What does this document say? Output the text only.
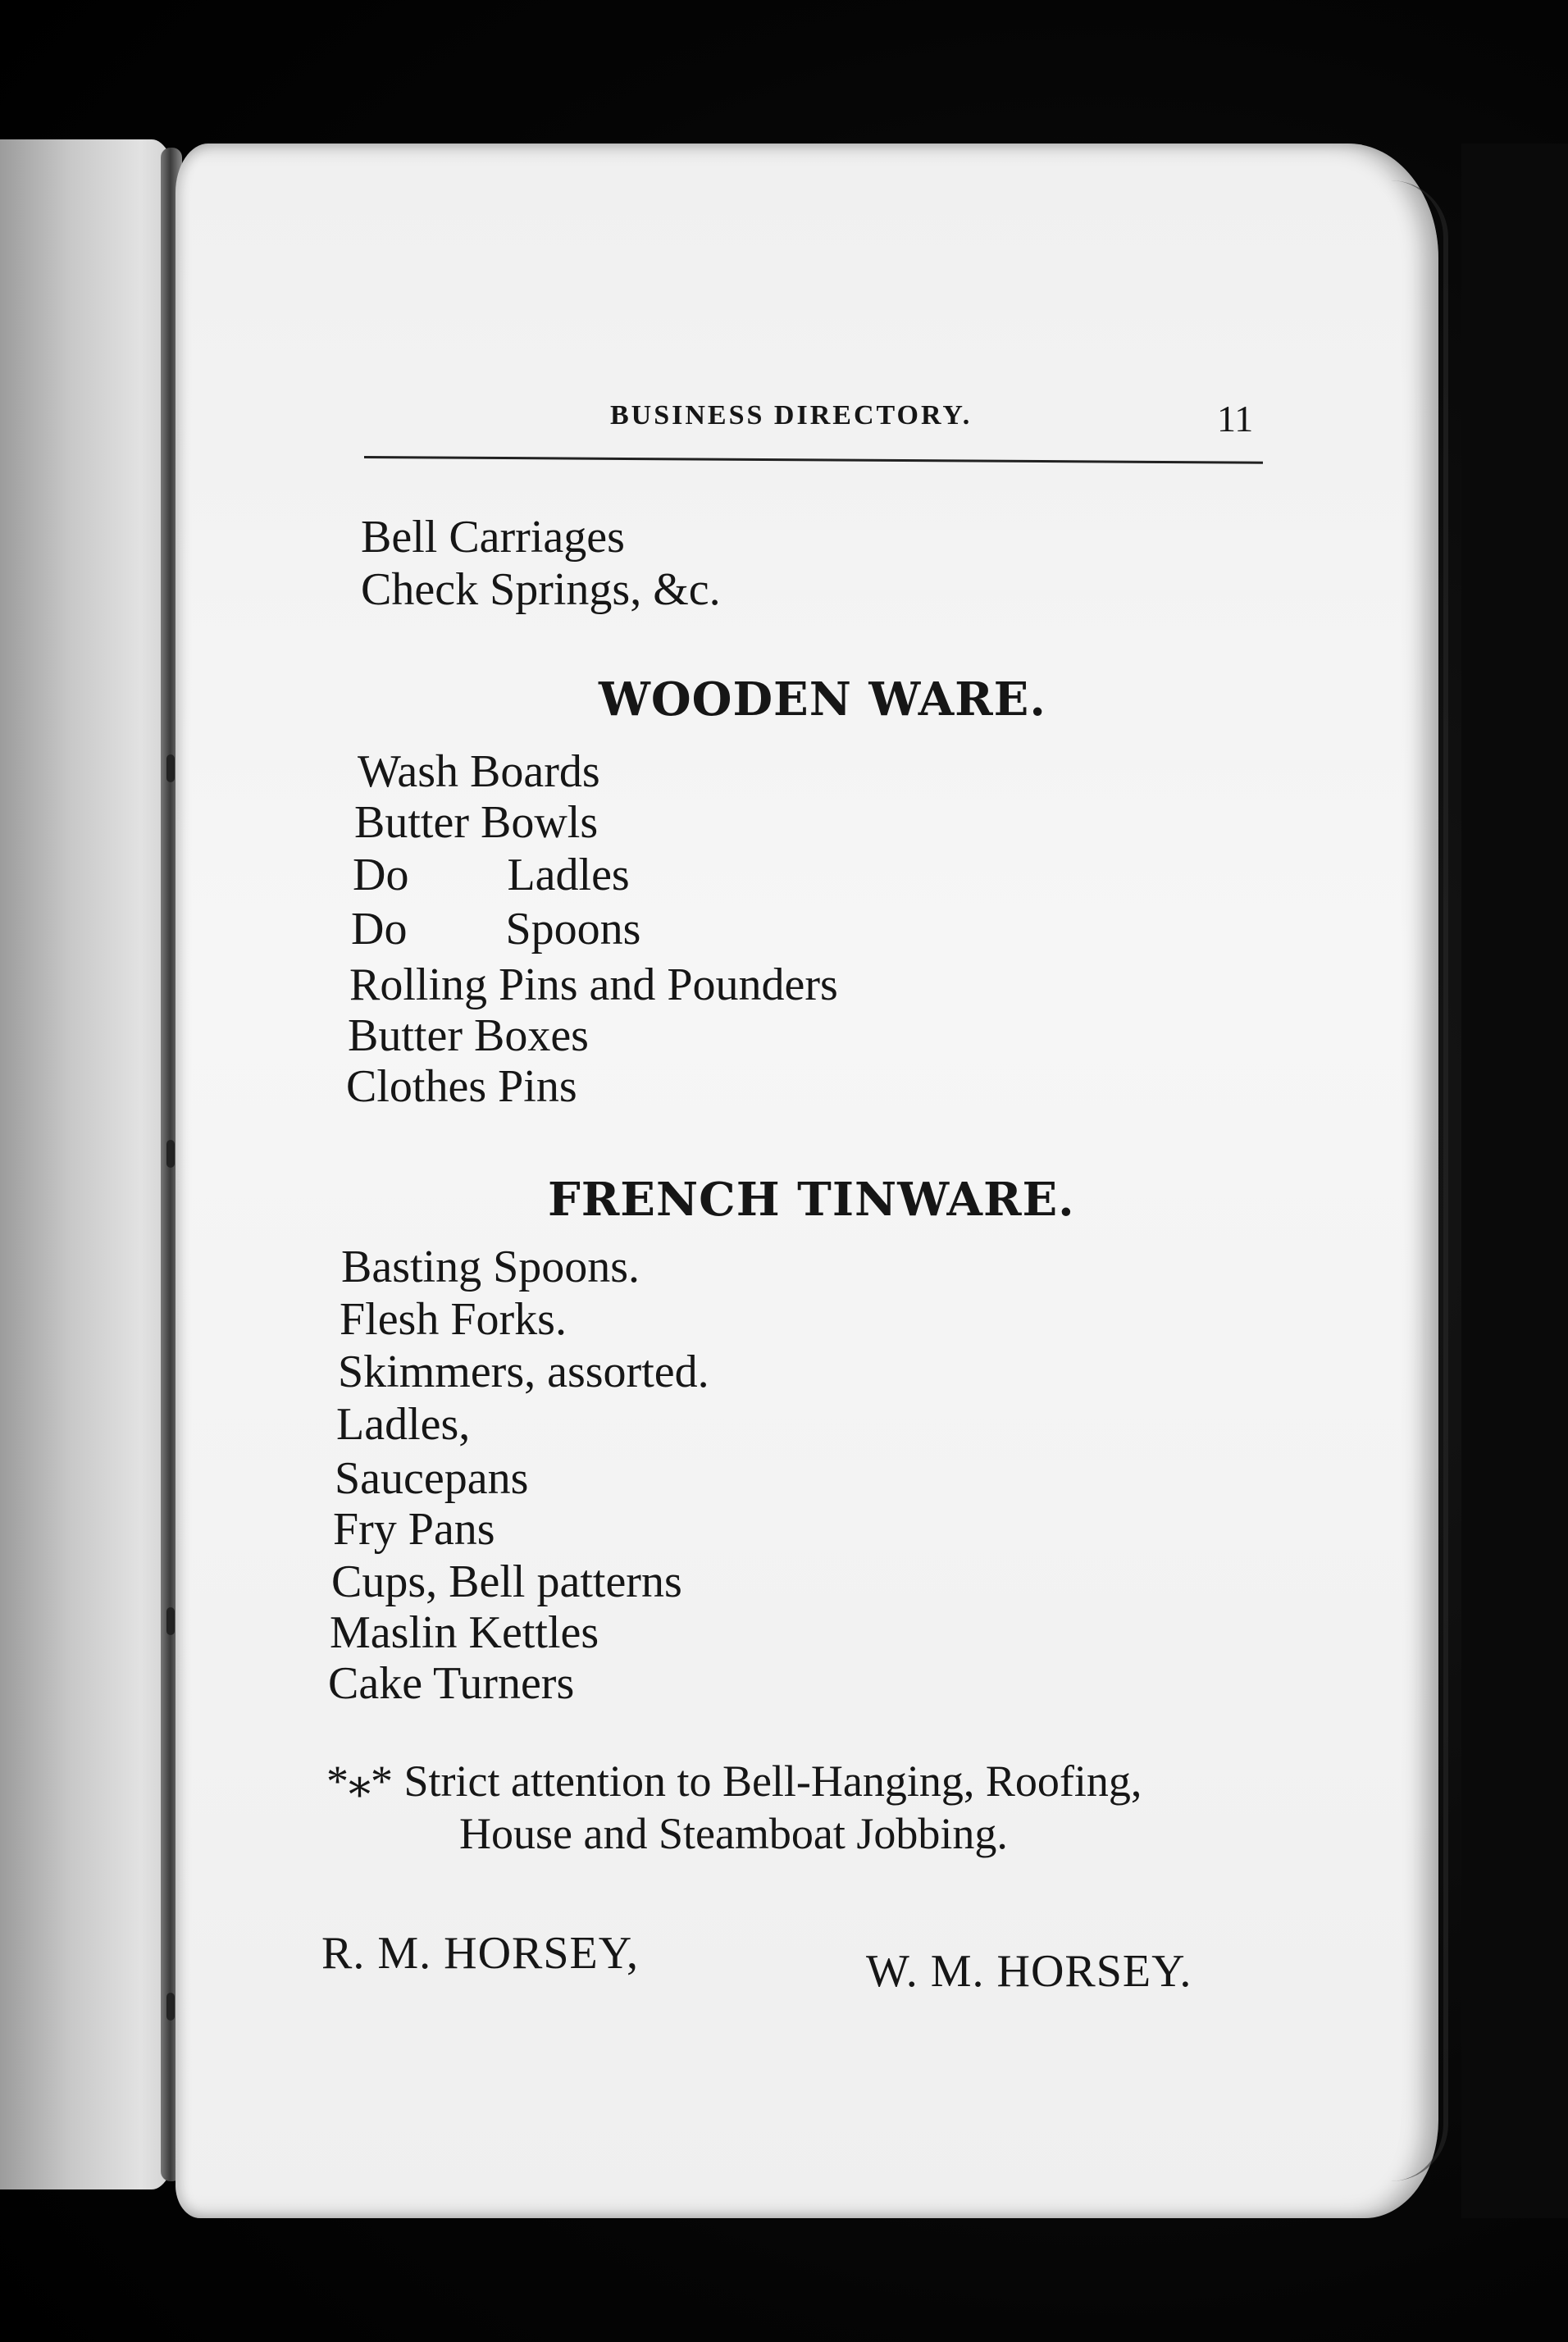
BUSINESS DIRECTORY.	11
Bell Carriages
Check Springs, &c.
WOODEN WARE.
Wash Boards
Butter Bowls
Do Ladles
Do Spoons
Rolling Pins and Pounders
Butter Boxes
Clothes Pins
FRENCH TINWARE.
Basting Spoons.
Flesh Forks.
Skimmers, assorted.
Ladles,
Saucepans
Fry Pans
Cups, Bell patterns
Maslin Kettles
Cake Turners
*⁎* Strict attention to Bell-Hanging, Roofing,
House and Steamboat Jobbing.
R. M. HORSEY,	W. M. HORSEY.
